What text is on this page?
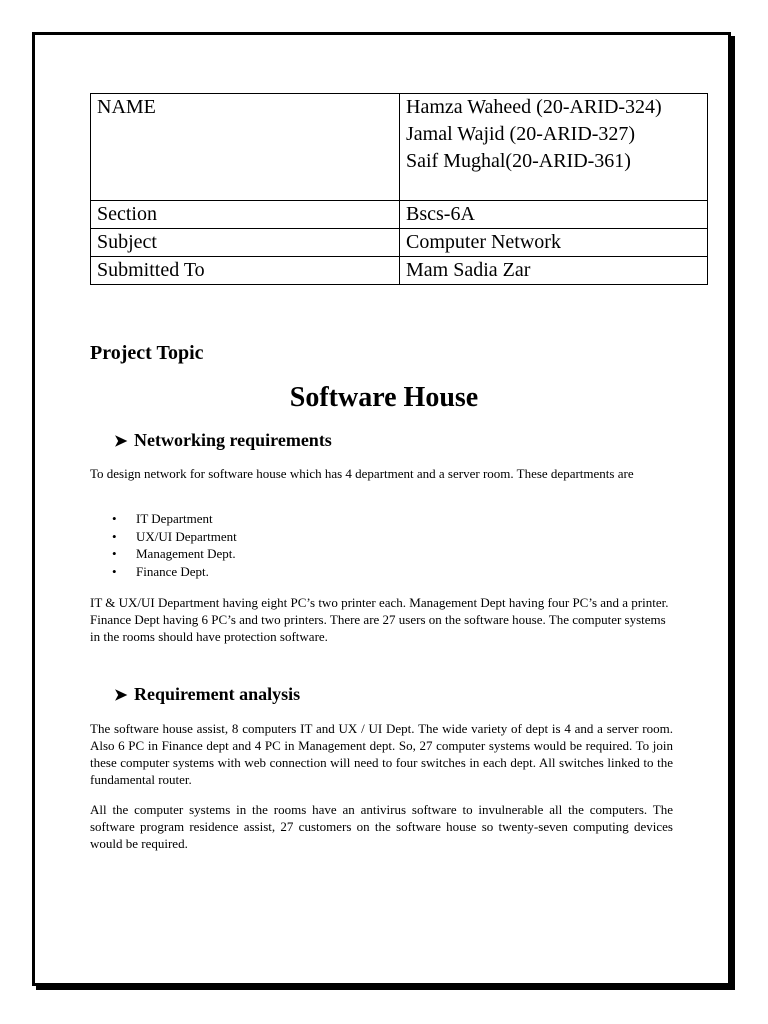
NAME	Hamza Waheed (20-ARID-324)
Jamal Wajid (20-ARID-327)
Saif Mughal(20-ARID-361)

Section	Bscs-6A
Subject	Computer Network
Submitted To	Mam Sadia Zar
Project Topic
Software House
➤ Networking requirements

To design network for software house which has 4 department and a server room. These departments are

• IT Department
• UX/UI Department
• Management Dept.
• Finance Dept.

IT & UX/UI Department having eight PC’s two printer each. Management Dept having four PC’s and a printer. Finance Dept having 6 PC’s and two printers. There are 27 users on the software house. The computer systems in the rooms should have protection software.

➤ Requirement analysis

The software house assist, 8 computers IT and UX / UI Dept. The wide variety of dept is 4 and a server room. Also 6 PC in Finance dept and 4 PC in Management dept. So, 27 computer systems would be required. To join these computer systems with web connection will need to four switches in each dept. All switches linked to the fundamental router.

All the computer systems in the rooms have an antivirus software to invulnerable all the computers. The software program residence assist, 27 customers on the software house so twenty-seven computing devices would be required.
